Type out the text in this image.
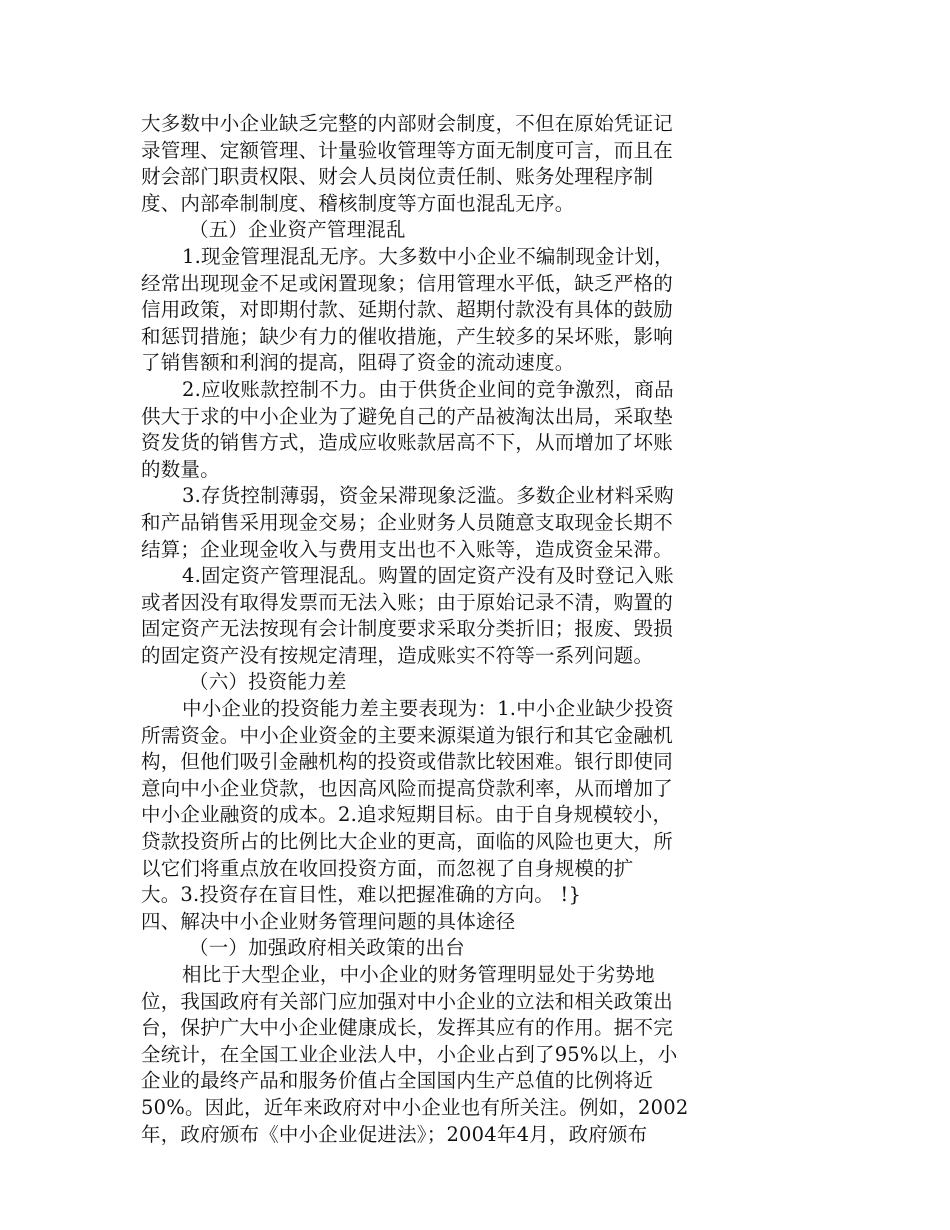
大多数中小企业缺乏完整的内部财会制度，不但在原始凭证记
录管理、定额管理、计量验收管理等方面无制度可言，而且在
财会部门职责权限、财会人员岗位责任制、账务处理程序制
度、内部牵制制度、稽核制度等方面也混乱无序。
（五）企业资产管理混乱
1.现金管理混乱无序。大多数中小企业不编制现金计划，
经常出现现金不足或闲置现象；信用管理水平低，缺乏严格的
信用政策，对即期付款、延期付款、超期付款没有具体的鼓励
和惩罚措施；缺少有力的催收措施，产生较多的呆坏账，影响
了销售额和利润的提高，阻碍了资金的流动速度。
2.应收账款控制不力。由于供货企业间的竞争激烈，商品
供大于求的中小企业为了避免自己的产品被淘汰出局，采取垫
资发货的销售方式，造成应收账款居高不下，从而增加了坏账
的数量。
3.存货控制薄弱，资金呆滞现象泛滥。多数企业材料采购
和产品销售采用现金交易；企业财务人员随意支取现金长期不
结算；企业现金收入与费用支出也不入账等，造成资金呆滞。
4.固定资产管理混乱。购置的固定资产没有及时登记入账
或者因没有取得发票而无法入账；由于原始记录不清，购置的
固定资产无法按现有会计制度要求采取分类折旧；报废、毁损
的固定资产没有按规定清理，造成账实不符等一系列问题。
（六）投资能力差
中小企业的投资能力差主要表现为：1.中小企业缺少投资
所需资金。中小企业资金的主要来源渠道为银行和其它金融机
构，但他们吸引金融机构的投资或借款比较困难。银行即使同
意向中小企业贷款，也因高风险而提高贷款利率，从而增加了
中小企业融资的成本。2.追求短期目标。由于自身规模较小，
贷款投资所占的比例比大企业的更高，面临的风险也更大，所
以它们将重点放在收回投资方面，而忽视了自身规模的扩
大。3.投资存在盲目性，难以把握准确的方向。 !}
四、解决中小企业财务管理问题的具体途径
（一）加强政府相关政策的出台
相比于大型企业，中小企业的财务管理明显处于劣势地
位，我国政府有关部门应加强对中小企业的立法和相关政策出
台，保护广大中小企业健康成长，发挥其应有的作用。据不完
全统计，在全国工业企业法人中，小企业占到了95%以上，小
企业的最终产品和服务价值占全国国内生产总值的比例将近
50%。因此，近年来政府对中小企业也有所关注。例如，2002
年，政府颁布《中小企业促进法》；2004年4月，政府颁布
